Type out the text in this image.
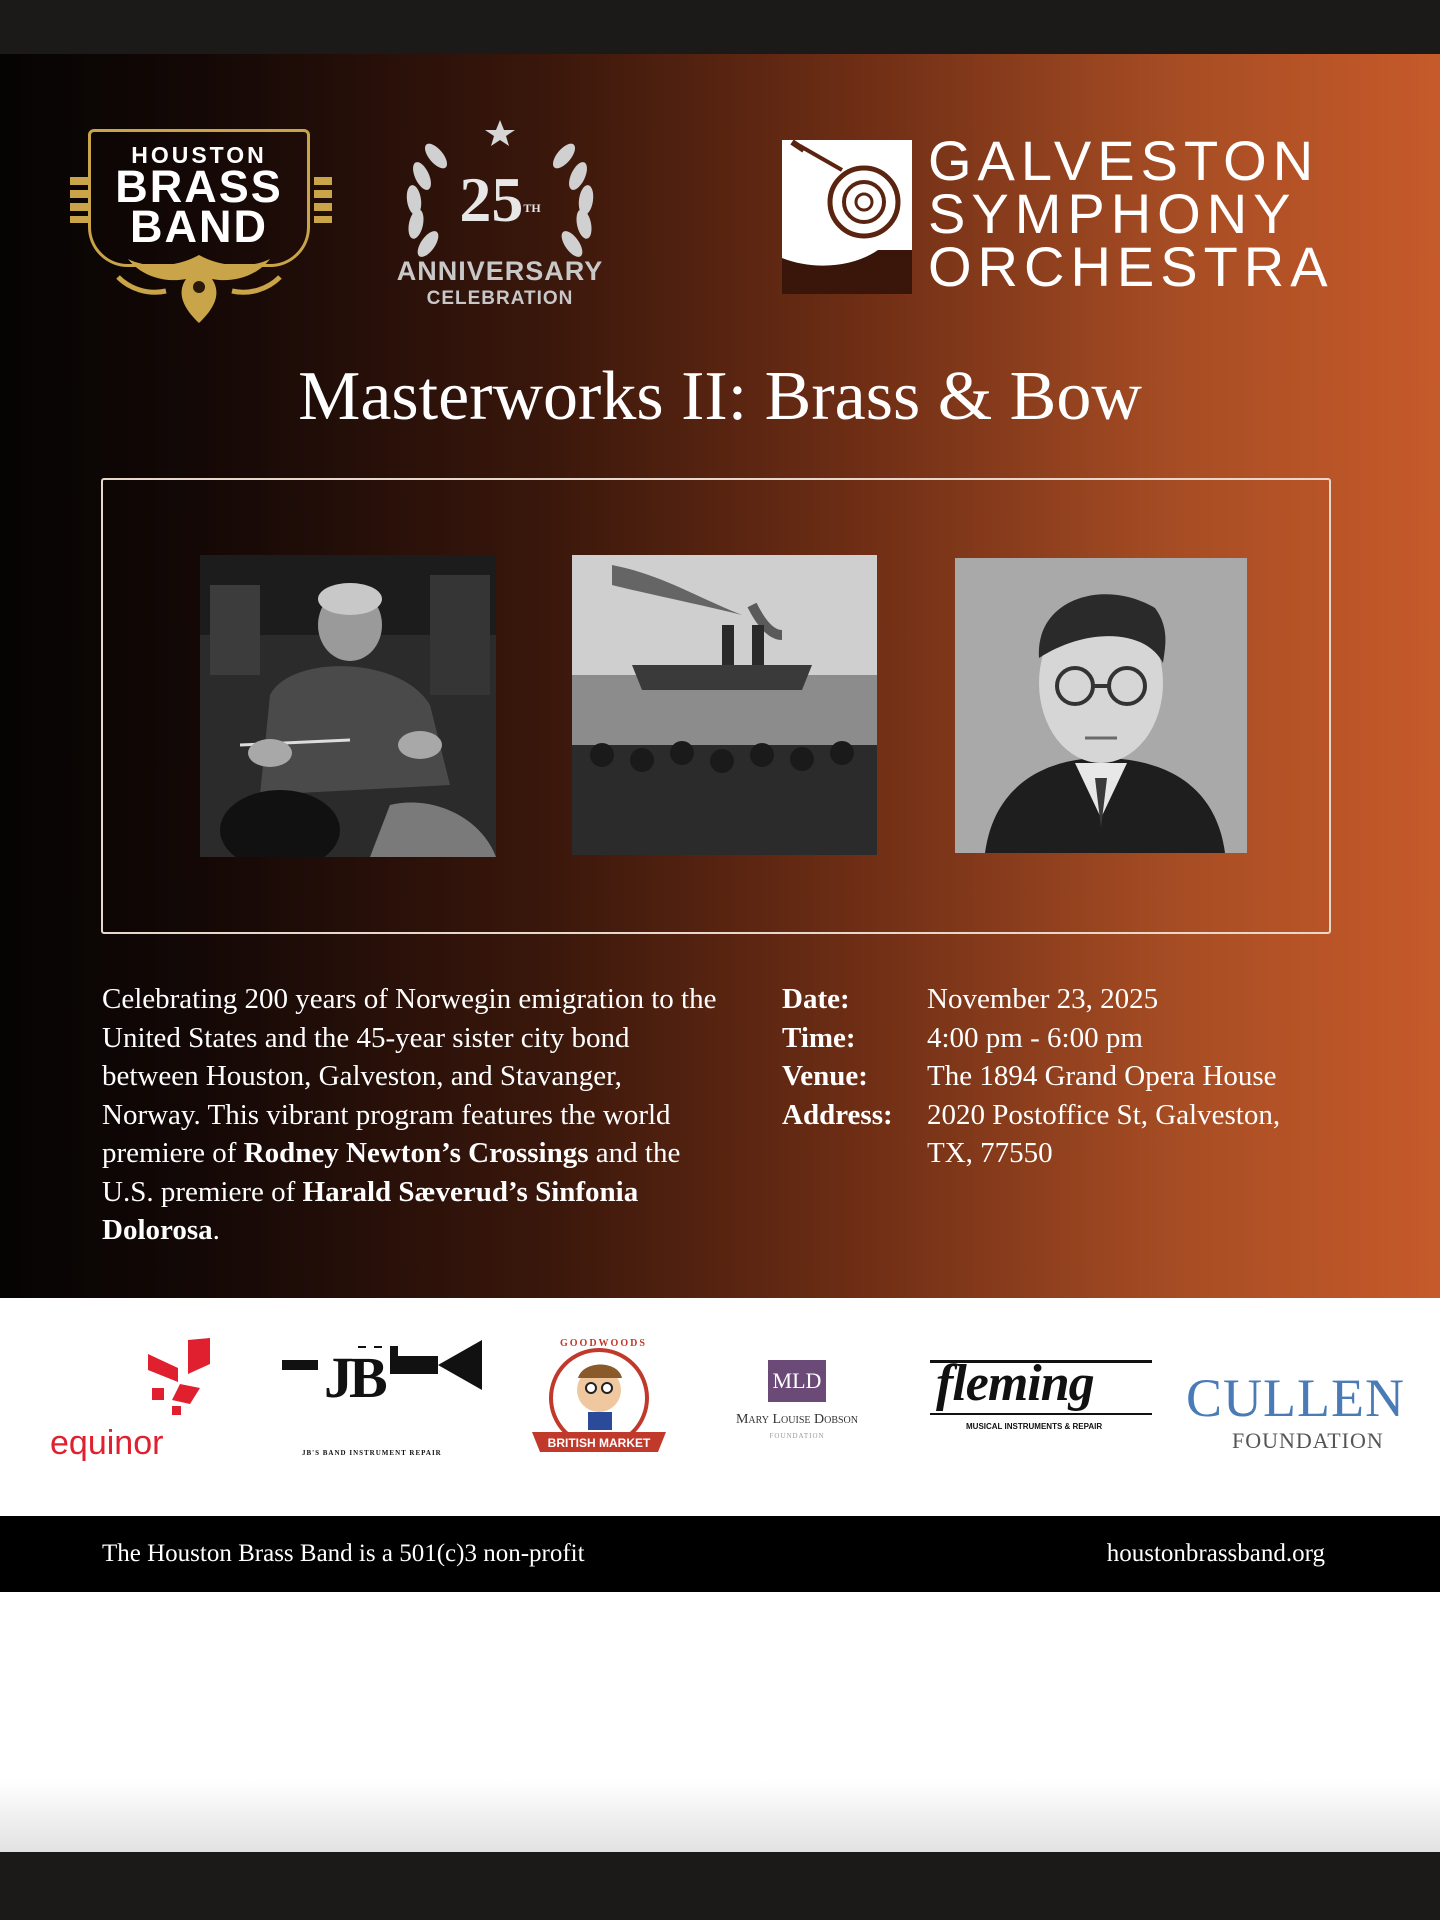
HOUSTON
BRASS
BAND	25TH
ANNIVERSARY
CELEBRATION
GALVESTON
SYMPHONY
ORCHESTRA
Masterworks II: Brass & Bow
Celebrating 200 years of Norwegin emigration to the United States and the 45-year sister city bond between Houston, Galveston, and Stavanger, Norway. This vibrant program features the world premiere of Rodney Newton’s Crossings and the U.S. premiere of Harald Sæverud’s Sinfonia Dolorosa.
Date:	November 23, 2025
Time: 4:00 pm - 6:00 pm
Venue: The 1894 Grand Opera House
Address: 2020 Postoffice St, Galveston,
TX, 77550
equinor
JB
JB'S BAND INSTRUMENT REPAIR
GOODWOODS
BRITISH MARKET
MLD
Mary Louise Dobson
FOUNDATION
fleming
MUSICAL INSTRUMENTS & REPAIR CULLEN
FOUNDATION
The Houston Brass Band is a 501(c)3 non-profit	houstonbrassband.org
